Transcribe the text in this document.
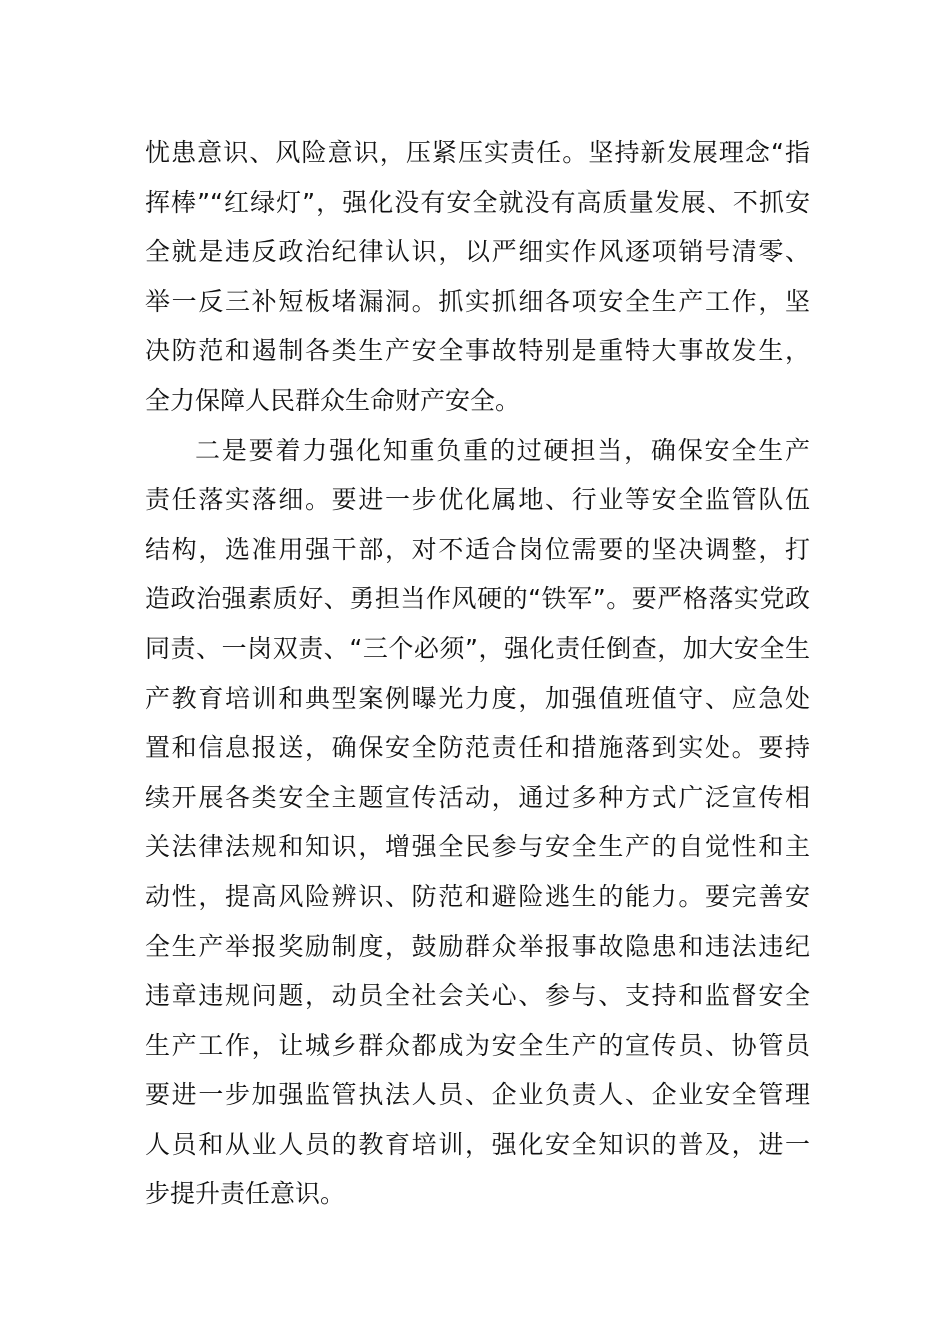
忧患意识、风险意识，压紧压实责任。坚持新发展理念“指
挥棒”“红绿灯”，强化没有安全就没有高质量发展、不抓安
全就是违反政治纪律认识，以严细实作风逐项销号清零、
举一反三补短板堵漏洞。抓实抓细各项安全生产工作，坚
决防范和遏制各类生产安全事故特别是重特大事故发生，
全力保障人民群众生命财产安全。
二是要着力强化知重负重的过硬担当，确保安全生产
责任落实落细。要进一步优化属地、行业等安全监管队伍
结构，选准用强干部，对不适合岗位需要的坚决调整，打
造政治强素质好、勇担当作风硬的“铁军”。要严格落实党政
同责、一岗双责、“三个必须”，强化责任倒查，加大安全生
产教育培训和典型案例曝光力度，加强值班值守、应急处
置和信息报送，确保安全防范责任和措施落到实处。要持
续开展各类安全主题宣传活动，通过多种方式广泛宣传相
关法律法规和知识，增强全民参与安全生产的自觉性和主
动性，提高风险辨识、防范和避险逃生的能力。要完善安
全生产举报奖励制度，鼓励群众举报事故隐患和违法违纪
违章违规问题，动员全社会关心、参与、支持和监督安全
生产工作，让城乡群众都成为安全生产的宣传员、协管员
要进一步加强监管执法人员、企业负责人、企业安全管理
人员和从业人员的教育培训，强化安全知识的普及，进一
步提升责任意识。
